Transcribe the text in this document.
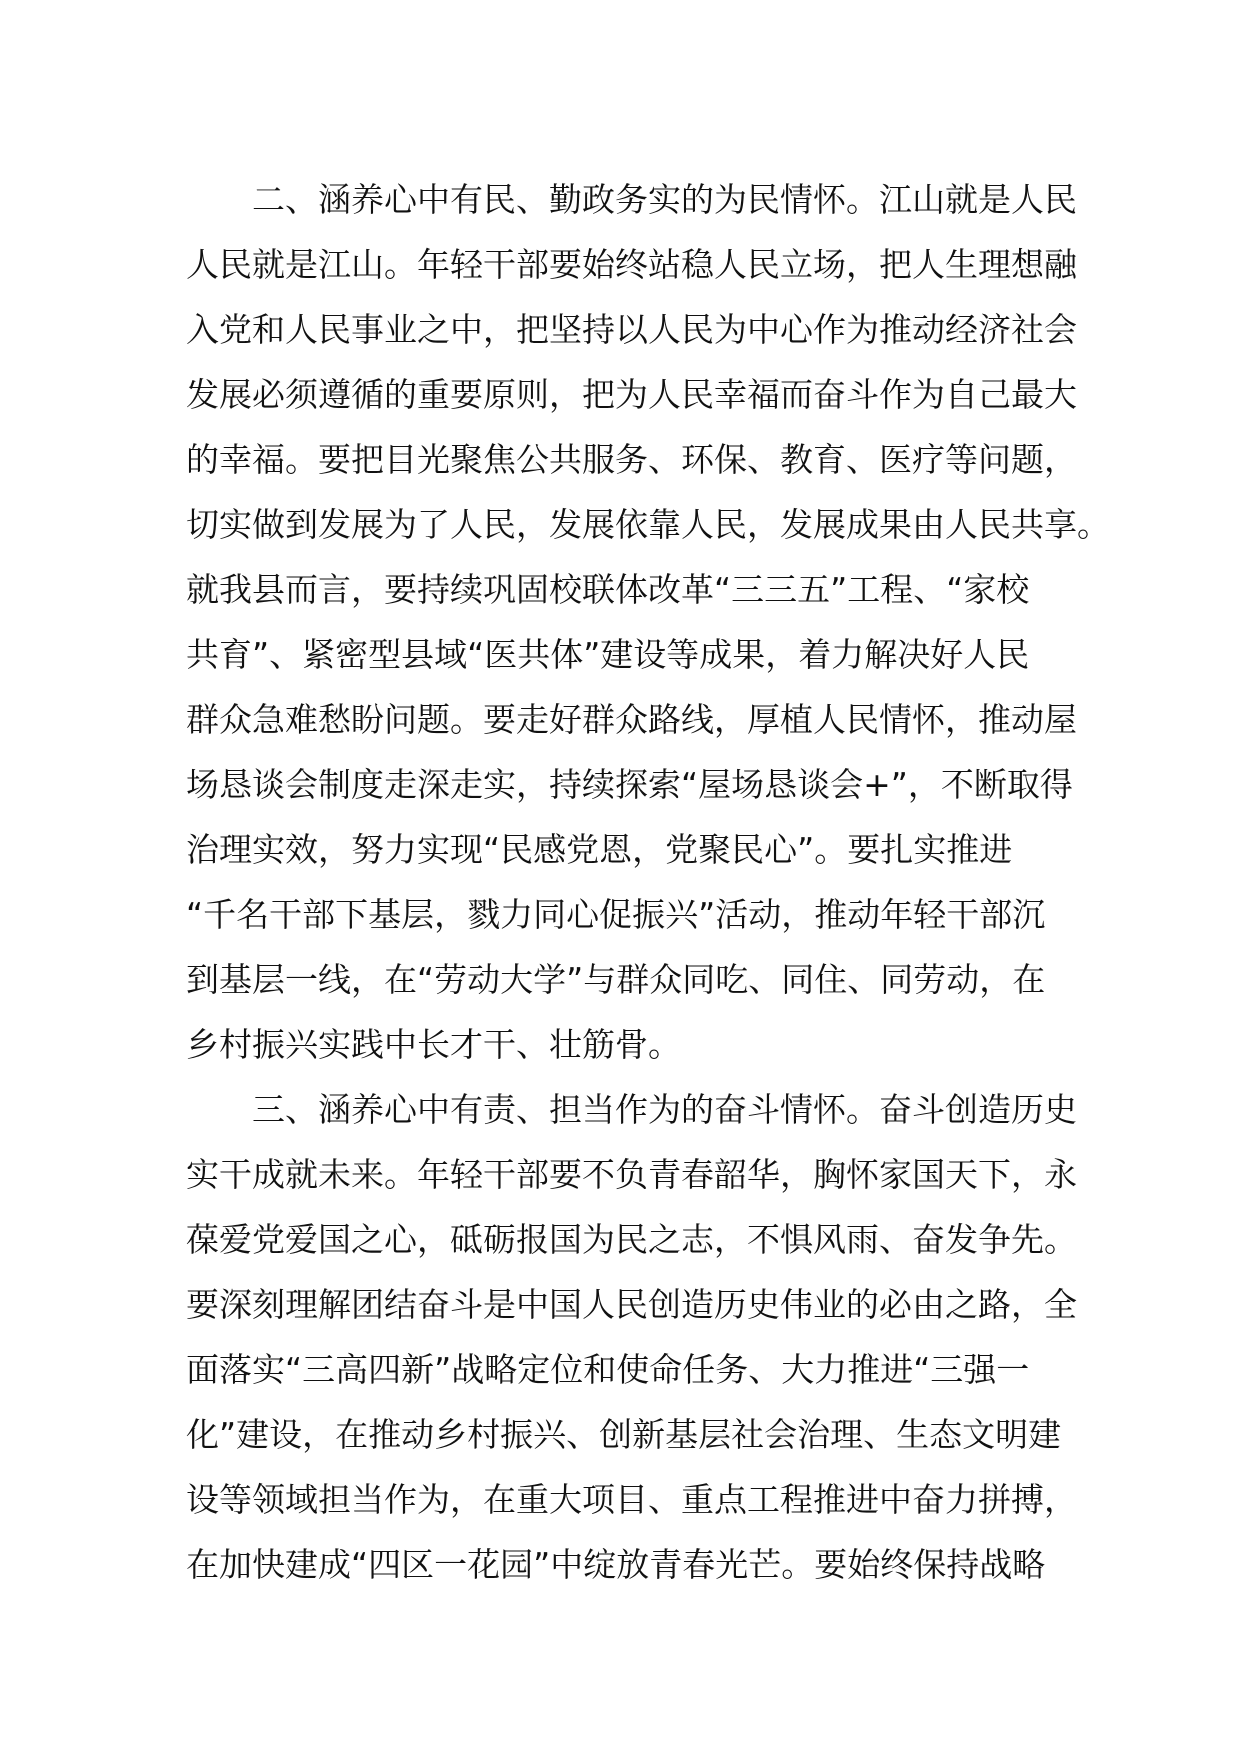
　　二、涵养心中有民、勤政务实的为民情怀。江山就是人民
人民就是江山。年轻干部要始终站稳人民立场，把人生理想融
入党和人民事业之中，把坚持以人民为中心作为推动经济社会
发展必须遵循的重要原则，把为人民幸福而奋斗作为自己最大
的幸福。要把目光聚焦公共服务、环保、教育、医疗等问题，
切实做到发展为了人民，发展依靠人民，发展成果由人民共享。
就我县而言，要持续巩固校联体改革“三三五”工程、“家校
共育”、紧密型县域“医共体”建设等成果，着力解决好人民
群众急难愁盼问题。要走好群众路线，厚植人民情怀，推动屋
场恳谈会制度走深走实，持续探索“屋场恳谈会+”，不断取得
治理实效，努力实现“民感党恩，党聚民心”。要扎实推进
“千名干部下基层，戮力同心促振兴”活动，推动年轻干部沉
到基层一线，在“劳动大学”与群众同吃、同住、同劳动，在
乡村振兴实践中长才干、壮筋骨。
　　三、涵养心中有责、担当作为的奋斗情怀。奋斗创造历史
实干成就未来。年轻干部要不负青春韶华，胸怀家国天下，永
葆爱党爱国之心，砥砺报国为民之志，不惧风雨、奋发争先。
要深刻理解团结奋斗是中国人民创造历史伟业的必由之路，全
面落实“三高四新”战略定位和使命任务、大力推进“三强一
化”建设，在推动乡村振兴、创新基层社会治理、生态文明建
设等领域担当作为，在重大项目、重点工程推进中奋力拼搏，
在加快建成“四区一花园”中绽放青春光芒。要始终保持战略
